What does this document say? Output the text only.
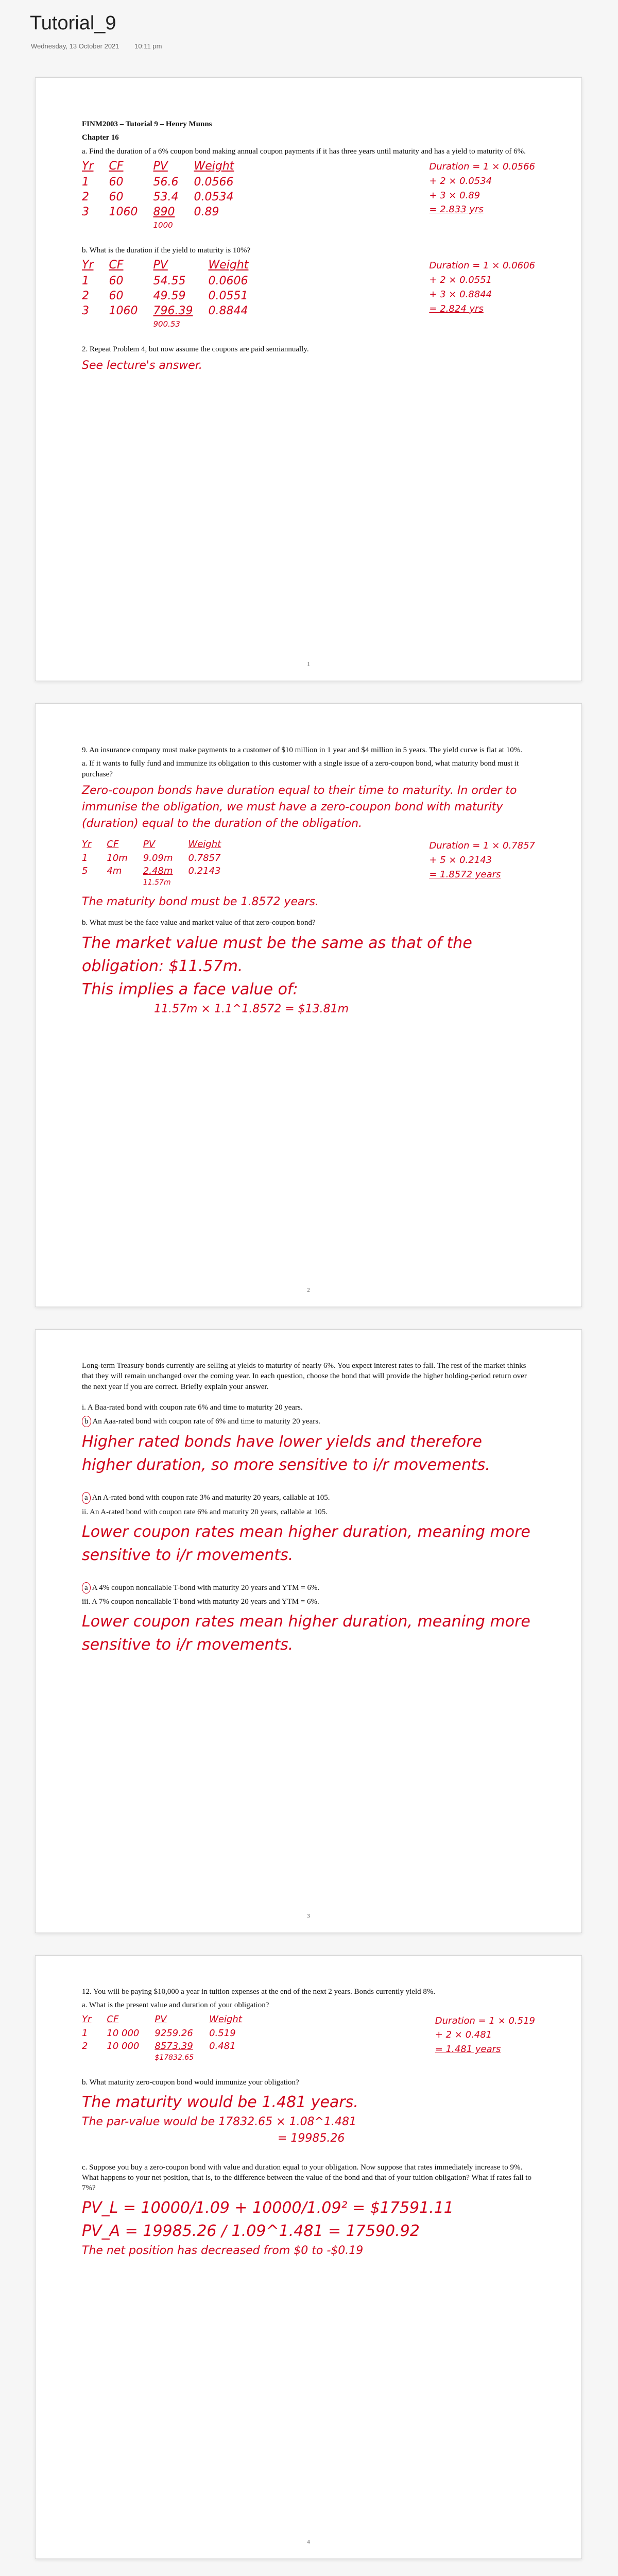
Tutorial_9
Wednesday, 13 October 2021 10:11 pm

FINM2003 – Tutorial 9 – Henry Munns

Chapter 16

a. Find the duration of a 6% coupon bond making annual coupon payments if it has three years until maturity and has a yield to maturity of 6%.

Yr	CF	PV	Weight
1	60	56.6	0.0566
2	60	53.4	0.0534
3	1060	890	0.89
		1000	
Duration = 1 × 0.0566
+ 2 × 0.0534
+ 3 × 0.89
= 2.833 yrs

b. What is the duration if the yield to maturity is 10%?

Yr	CF	PV	Weight
1	60	54.55	0.0606
2	60	49.59	0.0551
3	1060	796.39	0.8844
		900.53	
Duration = 1 × 0.0606
+ 2 × 0.0551
+ 3 × 0.8844
= 2.824 yrs

2. Repeat Problem 4, but now assume the coupons are paid semiannually.

See lecture's answer.
1

9. An insurance company must make payments to a customer of $10 million in 1 year and $4 million in 5 years. The yield curve is flat at 10%.

a. If it wants to fully fund and immunize its obligation to this customer with a single issue of a zero-coupon bond, what maturity bond must it purchase?

Zero-coupon bonds have duration equal to their time to maturity. In order to immunise the obligation, we must have a zero-coupon bond with maturity (duration) equal to the duration of the obligation.
Yr	CF	PV	Weight
1	10m	9.09m	0.7857
5	4m	2.48m	0.2143
		11.57m	
Duration = 1 × 0.7857
+ 5 × 0.2143
= 1.8572 years
The maturity bond must be 1.8572 years.

b. What must be the face value and market value of that zero-coupon bond?

The market value must be the same as that of the obligation: $11.57m.
This implies a face value of:
11.57m × 1.1^1.8572 = $13.81m
2

Long-term Treasury bonds currently are selling at yields to maturity of nearly 6%. You expect interest rates to fall. The rest of the market thinks that they will remain unchanged over the coming year. In each question, choose the bond that will provide the higher holding-period return over the next year if you are correct. Briefly explain your answer.

i. A Baa-rated bond with coupon rate 6% and time to maturity 20 years.

b An Aaa-rated bond with coupon rate of 6% and time to maturity 20 years.

Higher rated bonds have lower yields and therefore higher duration, so more sensitive to i/r movements.

a An A-rated bond with coupon rate 3% and maturity 20 years, callable at 105.

ii. An A-rated bond with coupon rate 6% and maturity 20 years, callable at 105.

Lower coupon rates mean higher duration, meaning more sensitive to i/r movements.

a A 4% coupon noncallable T-bond with maturity 20 years and YTM = 6%.

iii. A 7% coupon noncallable T-bond with maturity 20 years and YTM = 6%.

Lower coupon rates mean higher duration, meaning more sensitive to i/r movements.
3

12. You will be paying $10,000 a year in tuition expenses at the end of the next 2 years. Bonds currently yield 8%.

a. What is the present value and duration of your obligation?

Yr	CF	PV	Weight
1	10 000	9259.26	0.519
2	10 000	8573.39	0.481
		$17832.65	
Duration = 1 × 0.519
+ 2 × 0.481
= 1.481 years

b. What maturity zero-coupon bond would immunize your obligation?

The maturity would be 1.481 years.
The par-value would be 17832.65 × 1.08^1.481
= 19985.26

c. Suppose you buy a zero-coupon bond with value and duration equal to your obligation. Now suppose that rates immediately increase to 9%. What happens to your net position, that is, to the difference between the value of the bond and that of your tuition obligation? What if rates fall to 7%?

PV_L = 10000/1.09 + 10000/1.09² = $17591.11
PV_A = 19985.26 / 1.09^1.481 = 17590.92
The net position has decreased from $0 to -$0.19
4
